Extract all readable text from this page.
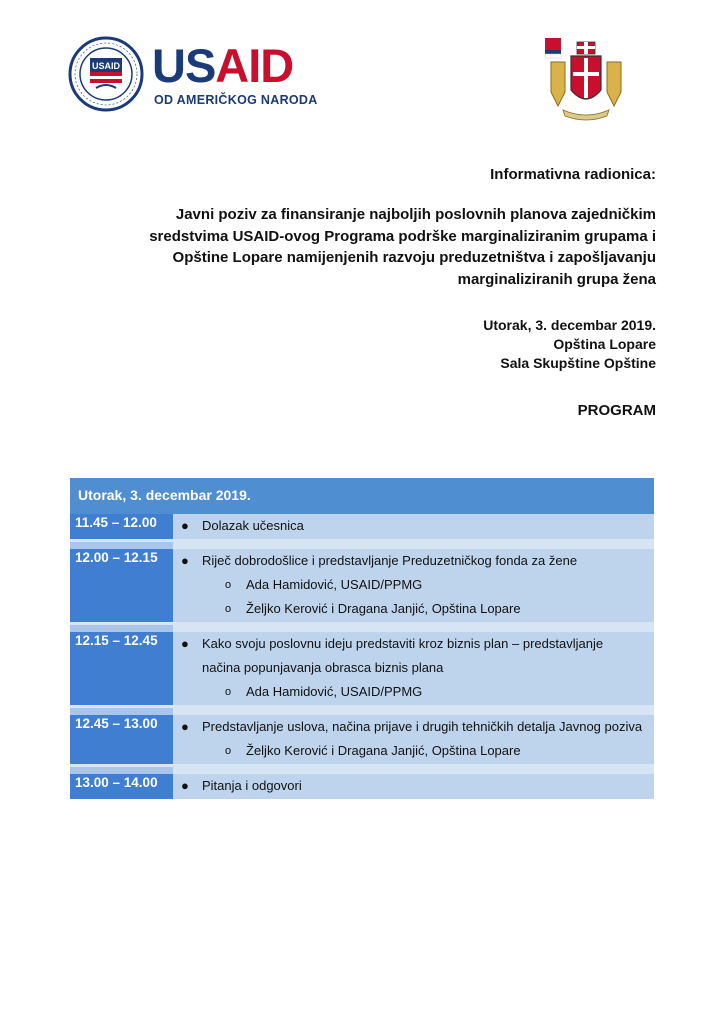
USAID USAID
OD AMERIČKOG NARODA
Informativna radionica:
Javni poziv za finansiranje najboljih poslovnih planova zajedničkim
sredstvima USAID-ovog Programa podrške marginaliziranim grupama i
Opštine Lopare namijenjenih razvoju preduzetništva i zapošljavanju
marginaliziranih grupa žena
Utorak, 3. decembar 2019.
Opština Lopare
Sala Skupštine Opštine
PROGRAM
Utorak, 3. decembar 2019.
11.45 – 12.00	● Dolazak učesnica
12.00 – 12.15	● Riječ dobrodošlice i predstavljanje Preduzetničkog fonda za žene
o Ada Hamidović, USAID/PPMG
o Željko Kerović i Dragana Janjić, Opština Lopare
12.15 – 12.45	● Kako svoju poslovnu ideju predstaviti kroz biznis plan – predstavljanje
načina popunjavanja obrasca biznis plana
o Ada Hamidović, USAID/PPMG
12.45 – 13.00	● Predstavljanje uslova, načina prijave i drugih tehničkih detalja Javnog poziva
o Željko Kerović i Dragana Janjić, Opština Lopare
13.00 – 14.00	● Pitanja i odgovori
